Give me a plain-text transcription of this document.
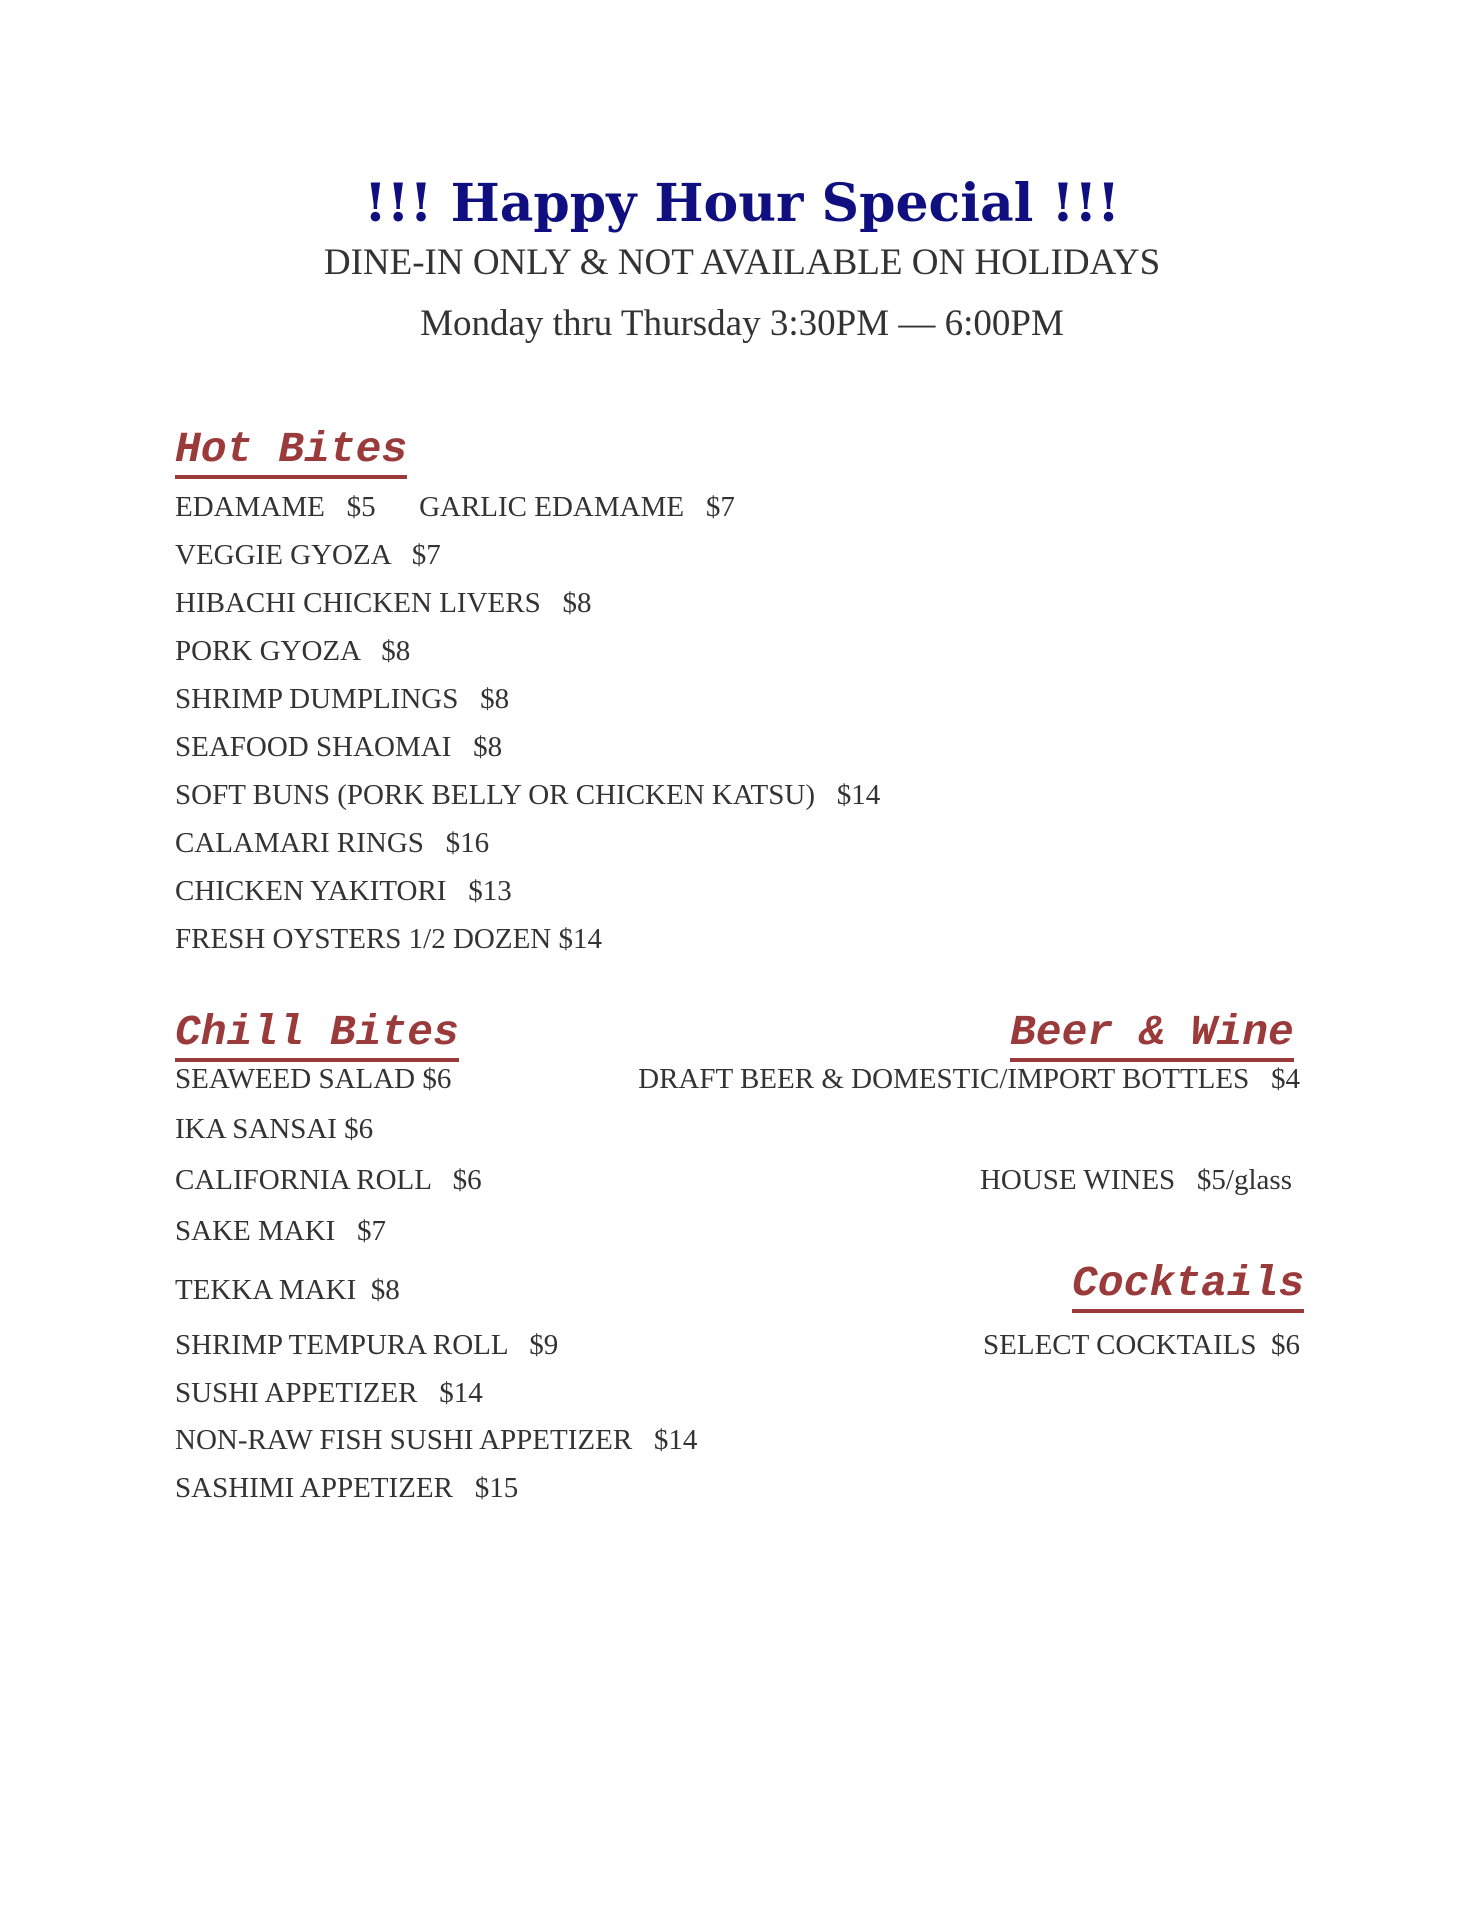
!!! Happy Hour Special !!!
DINE-IN ONLY & NOT AVAILABLE ON HOLIDAYS
Monday thru Thursday 3:30PM — 6:00PM
Hot Bites
EDAMAME   $5      GARLIC EDAMAME   $7
VEGGIE GYOZA   $7
HIBACHI CHICKEN LIVERS   $8
PORK GYOZA   $8
SHRIMP DUMPLINGS   $8
SEAFOOD SHAOMAI   $8
SOFT BUNS (PORK BELLY OR CHICKEN KATSU)   $14
CALAMARI RINGS   $16
CHICKEN YAKITORI   $13
FRESH OYSTERS 1/2 DOZEN $14
Chill Bites
SEAWEED SALAD $6
IKA SANSAI $6
CALIFORNIA ROLL   $6
SAKE MAKI   $7
TEKKA MAKI  $8
SHRIMP TEMPURA ROLL   $9
SUSHI APPETIZER   $14
NON-RAW FISH SUSHI APPETIZER   $14
SASHIMI APPETIZER   $15
Beer & Wine
DRAFT BEER & DOMESTIC/IMPORT BOTTLES   $4
HOUSE WINES   $5/glass
Cocktails
SELECT COCKTAILS  $6
